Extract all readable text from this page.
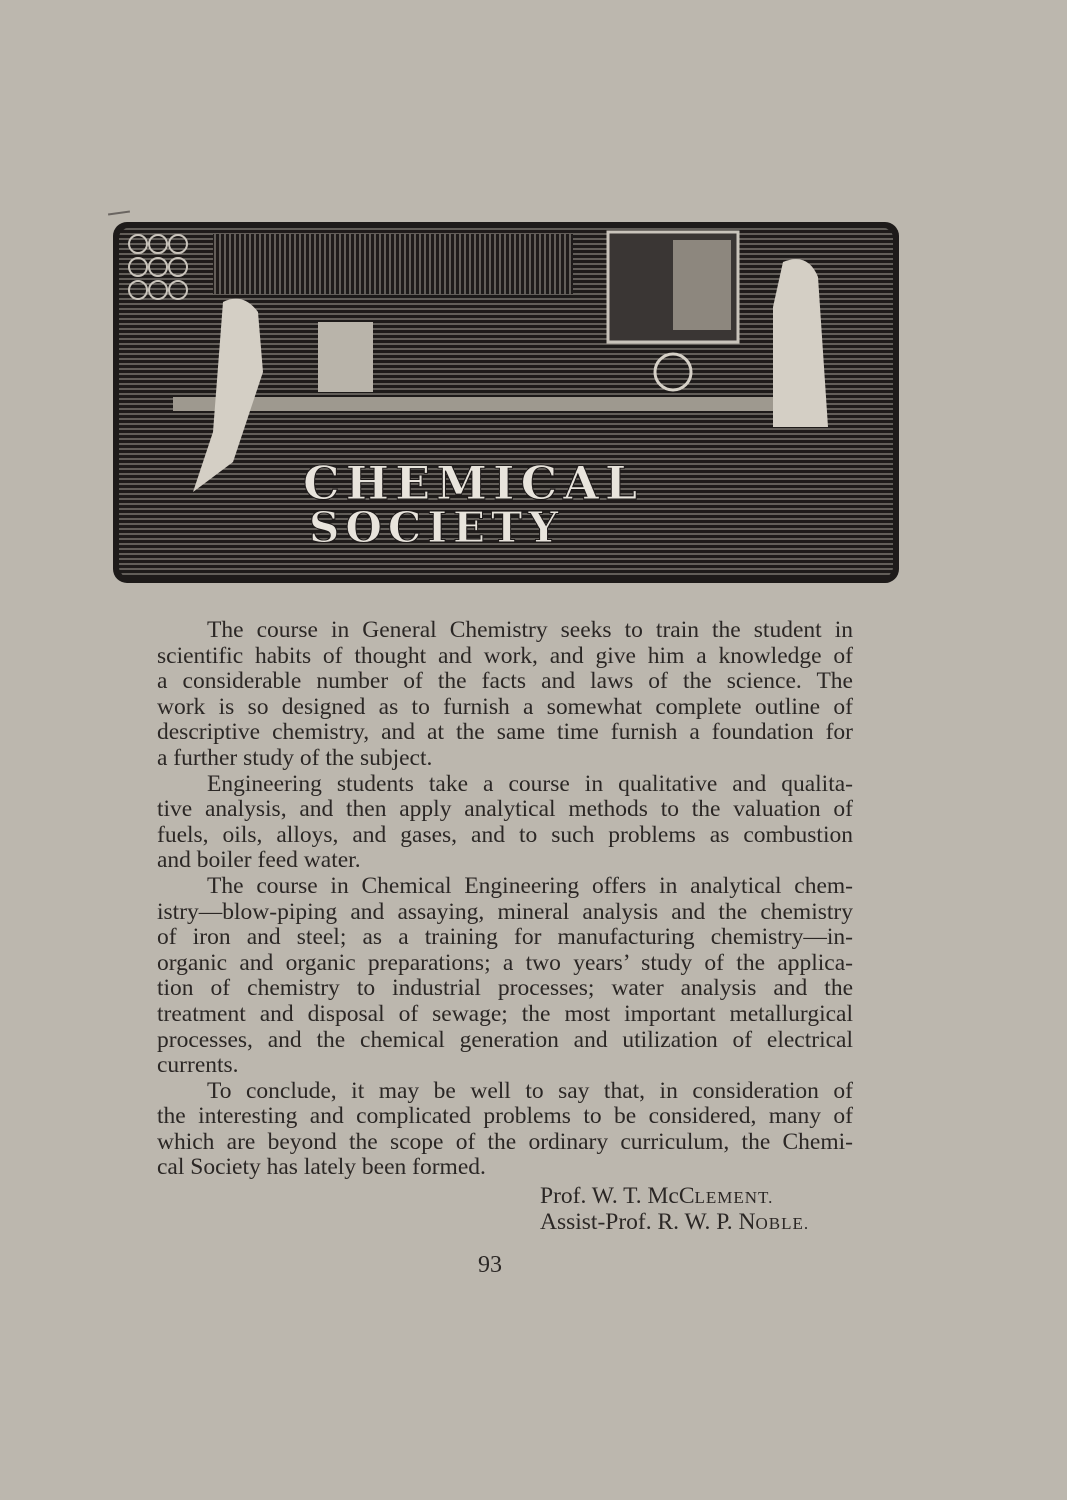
CHEMICAL
SOCIETY
The course in General Chemistry seeks to train the student in
scientific habits of thought and work, and give him a knowledge of
a considerable number of the facts and laws of the science. The
work is so designed as to furnish a somewhat complete outline of
descriptive chemistry, and at the same time furnish a foundation for
a further study of the subject.
Engineering students take a course in qualitative and qualita-
tive analysis, and then apply analytical methods to the valuation of
fuels, oils, alloys, and gases, and to such problems as combustion
and boiler feed water.
The course in Chemical Engineering offers in analytical chem-
istry—blow-piping and assaying, mineral analysis and the chemistry
of iron and steel; as a training for manufacturing chemistry—in-
organic and organic preparations; a two years’ study of the applica-
tion of chemistry to industrial processes; water analysis and the
treatment and disposal of sewage; the most important metallurgical
processes, and the chemical generation and utilization of electrical
currents.
To conclude, it may be well to say that, in consideration of
the interesting and complicated problems to be considered, many of
which are beyond the scope of the ordinary curriculum, the Chemi-
cal Society has lately been formed.
Prof. W. T. McCLEMENT.
Assist-Prof. R. W. P. NOBLE.
93
